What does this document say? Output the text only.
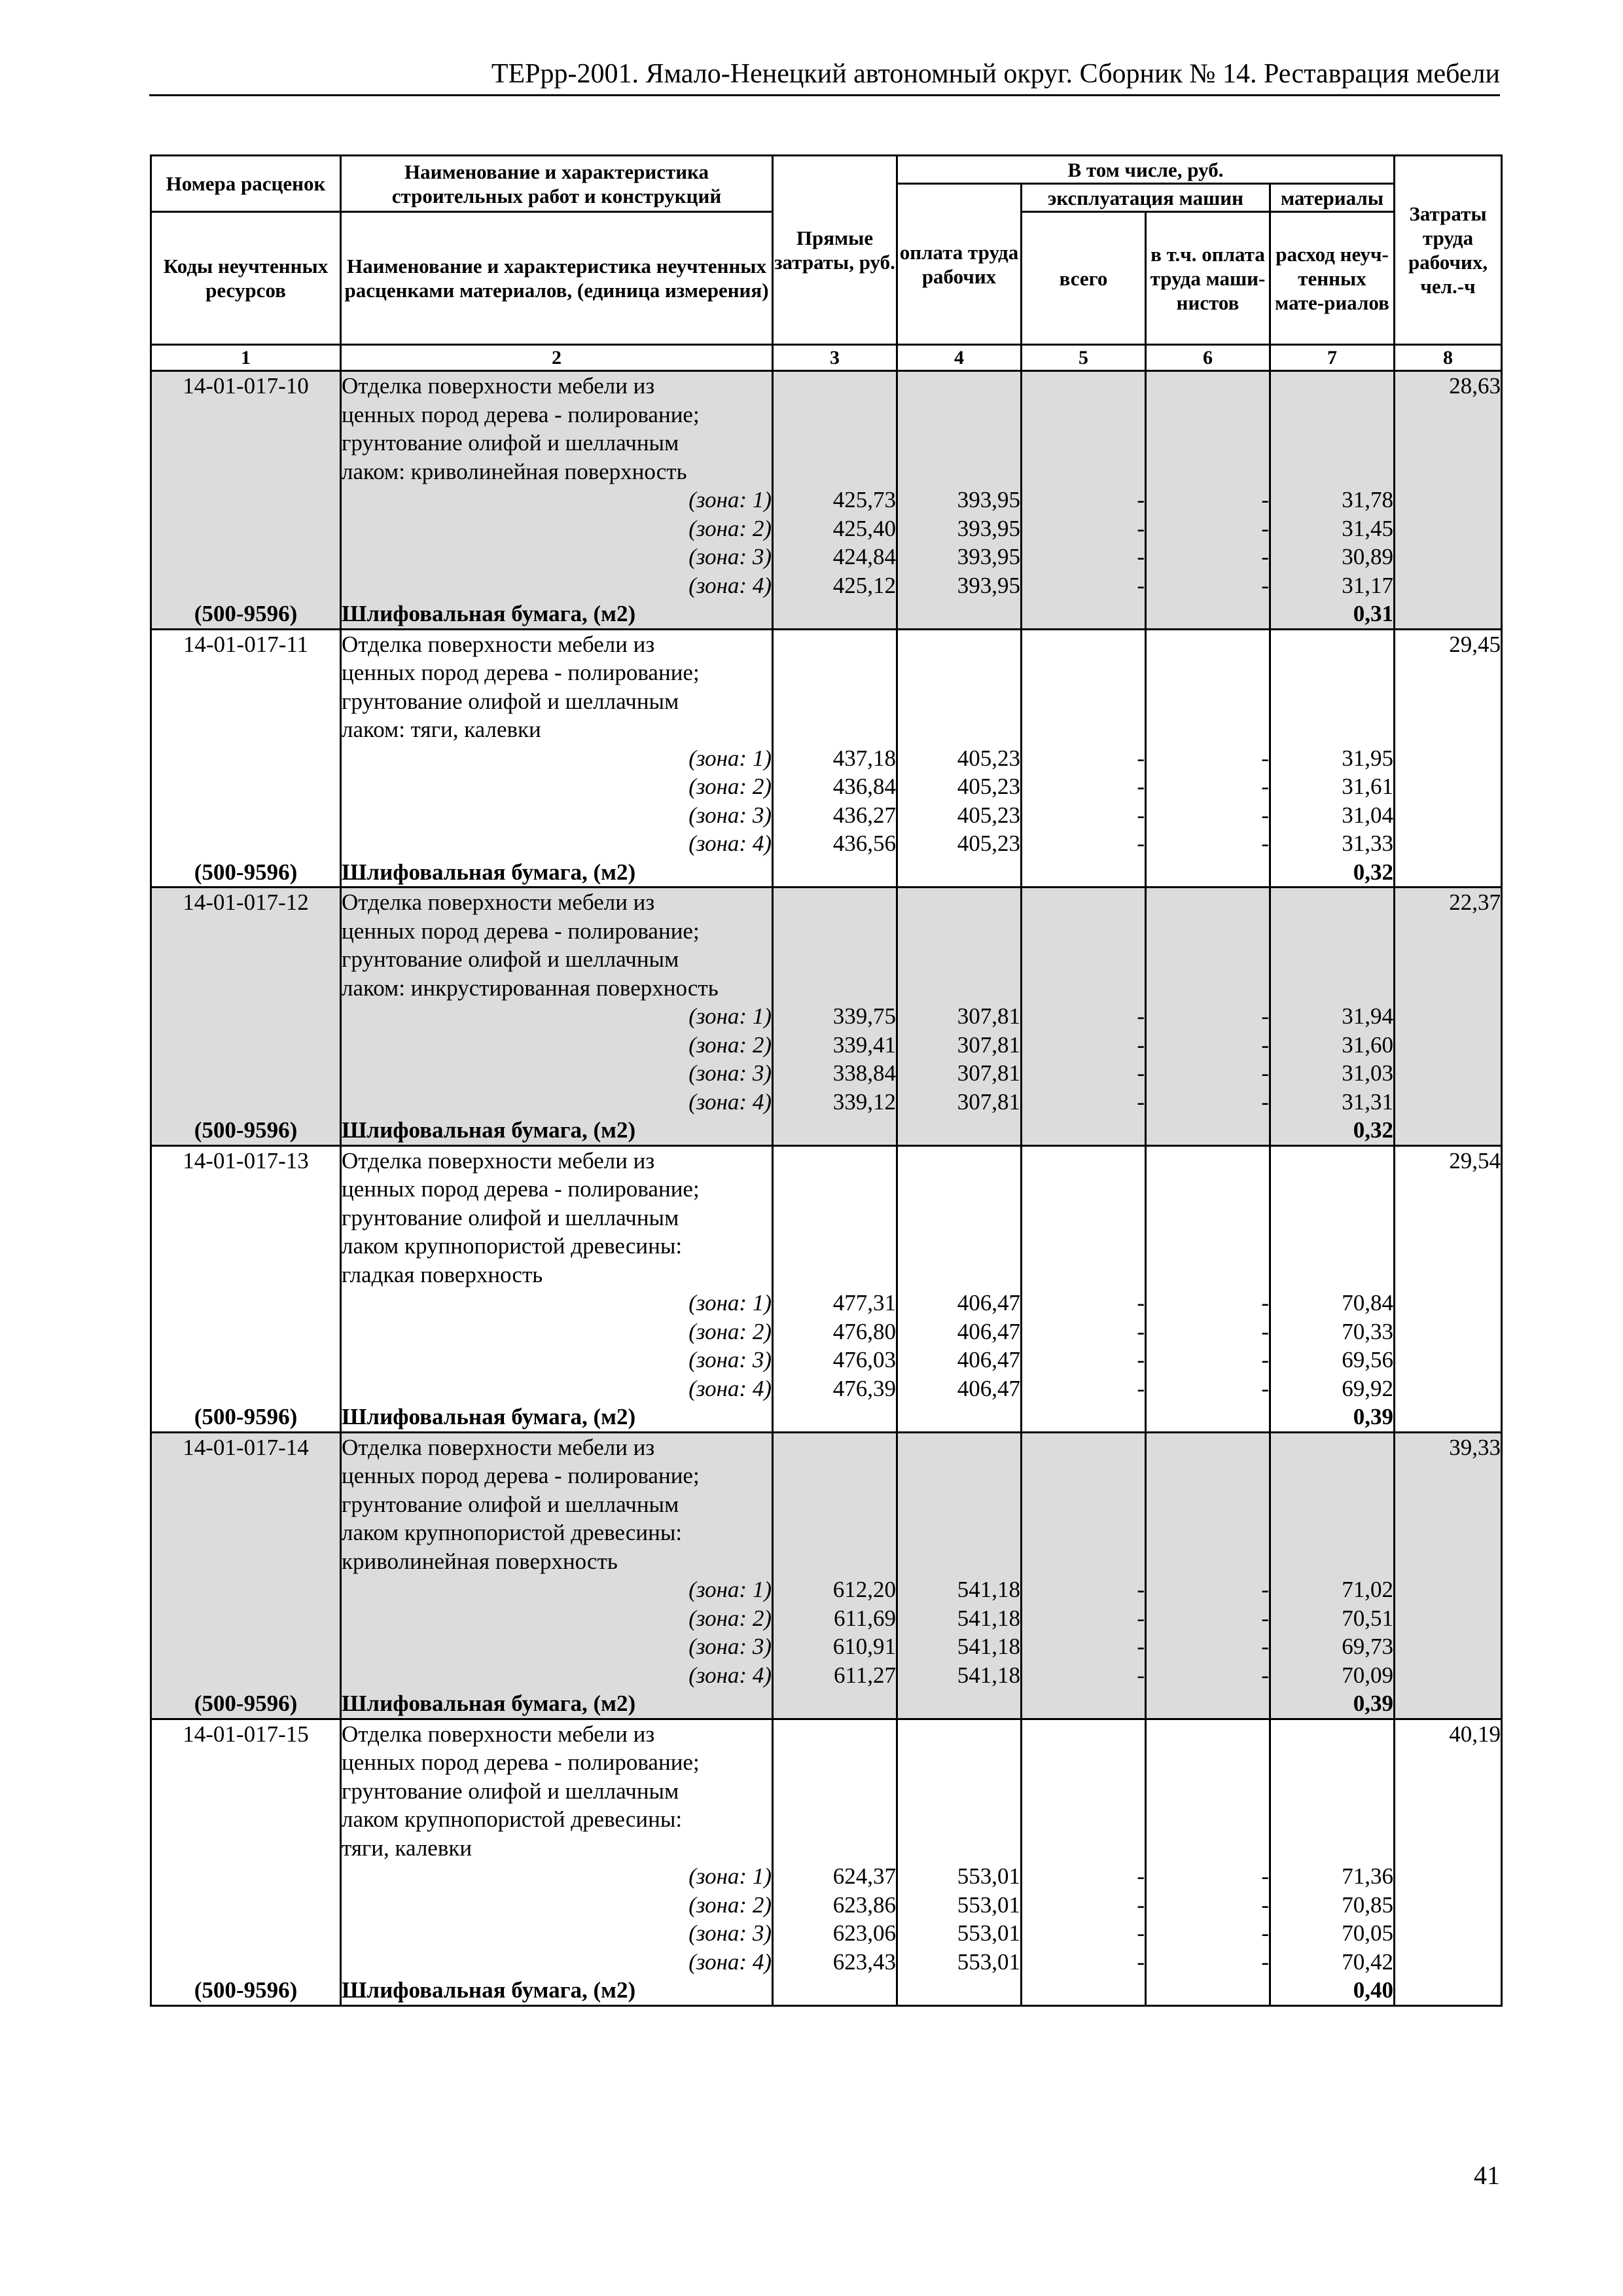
ТЕРрр-2001. Ямало-Ненецкий автономный округ. Сборник № 14. Реставрация мебели
Номера расценок	Наименование и характеристика строительных работ и конструкций	Прямые затраты, руб.	В том числе, руб.				Затраты труда рабочих, чел.-ч
			оплата труда рабочих	эксплуатация машин		материалы	
Коды неучтенных ресурсов	Наименование и характеристика неучтенных расценками материалов, (единица измерения)			всего	в т.ч. оплата труда маши-нистов	расход неуч-тенных мате-риалов	
1	2	3	4	5	6	7	8
14-01-017-10	Отделка поверхности мебели из						28,63
	ценных пород дерева - полирование;						
	грунтование олифой и шеллачным						
	лаком: криволинейная поверхность						
	(зона: 1)	425,73	393,95	-	-	31,78	
	(зона: 2)	425,40	393,95	-	-	31,45	
	(зона: 3)	424,84	393,95	-	-	30,89	
	(зона: 4)	425,12	393,95	-	-	31,17	
(500-9596)	Шлифовальная бумага, (м2)					0,31	
14-01-017-11	Отделка поверхности мебели из						29,45
	ценных пород дерева - полирование;						
	грунтование олифой и шеллачным						
	лаком: тяги, калевки						
	(зона: 1)	437,18	405,23	-	-	31,95	
	(зона: 2)	436,84	405,23	-	-	31,61	
	(зона: 3)	436,27	405,23	-	-	31,04	
	(зона: 4)	436,56	405,23	-	-	31,33	
(500-9596)	Шлифовальная бумага, (м2)					0,32	
14-01-017-12	Отделка поверхности мебели из						22,37
	ценных пород дерева - полирование;						
	грунтование олифой и шеллачным						
	лаком: инкрустированная поверхность						
	(зона: 1)	339,75	307,81	-	-	31,94	
	(зона: 2)	339,41	307,81	-	-	31,60	
	(зона: 3)	338,84	307,81	-	-	31,03	
	(зона: 4)	339,12	307,81	-	-	31,31	
(500-9596)	Шлифовальная бумага, (м2)					0,32	
14-01-017-13	Отделка поверхности мебели из						29,54
	ценных пород дерева - полирование;						
	грунтование олифой и шеллачным						
	лаком крупнопористой древесины:						
	гладкая поверхность						
	(зона: 1)	477,31	406,47	-	-	70,84	
	(зона: 2)	476,80	406,47	-	-	70,33	
	(зона: 3)	476,03	406,47	-	-	69,56	
	(зона: 4)	476,39	406,47	-	-	69,92	
(500-9596)	Шлифовальная бумага, (м2)					0,39	
14-01-017-14	Отделка поверхности мебели из						39,33
	ценных пород дерева - полирование;						
	грунтование олифой и шеллачным						
	лаком крупнопористой древесины:						
	криволинейная поверхность						
	(зона: 1)	612,20	541,18	-	-	71,02	
	(зона: 2)	611,69	541,18	-	-	70,51	
	(зона: 3)	610,91	541,18	-	-	69,73	
	(зона: 4)	611,27	541,18	-	-	70,09	
(500-9596)	Шлифовальная бумага, (м2)					0,39	
14-01-017-15	Отделка поверхности мебели из						40,19
	ценных пород дерева - полирование;						
	грунтование олифой и шеллачным						
	лаком крупнопористой древесины:						
	тяги, калевки						
	(зона: 1)	624,37	553,01	-	-	71,36	
	(зона: 2)	623,86	553,01	-	-	70,85	
	(зона: 3)	623,06	553,01	-	-	70,05	
	(зона: 4)	623,43	553,01	-	-	70,42	
(500-9596)	Шлифовальная бумага, (м2)					0,40	
41
